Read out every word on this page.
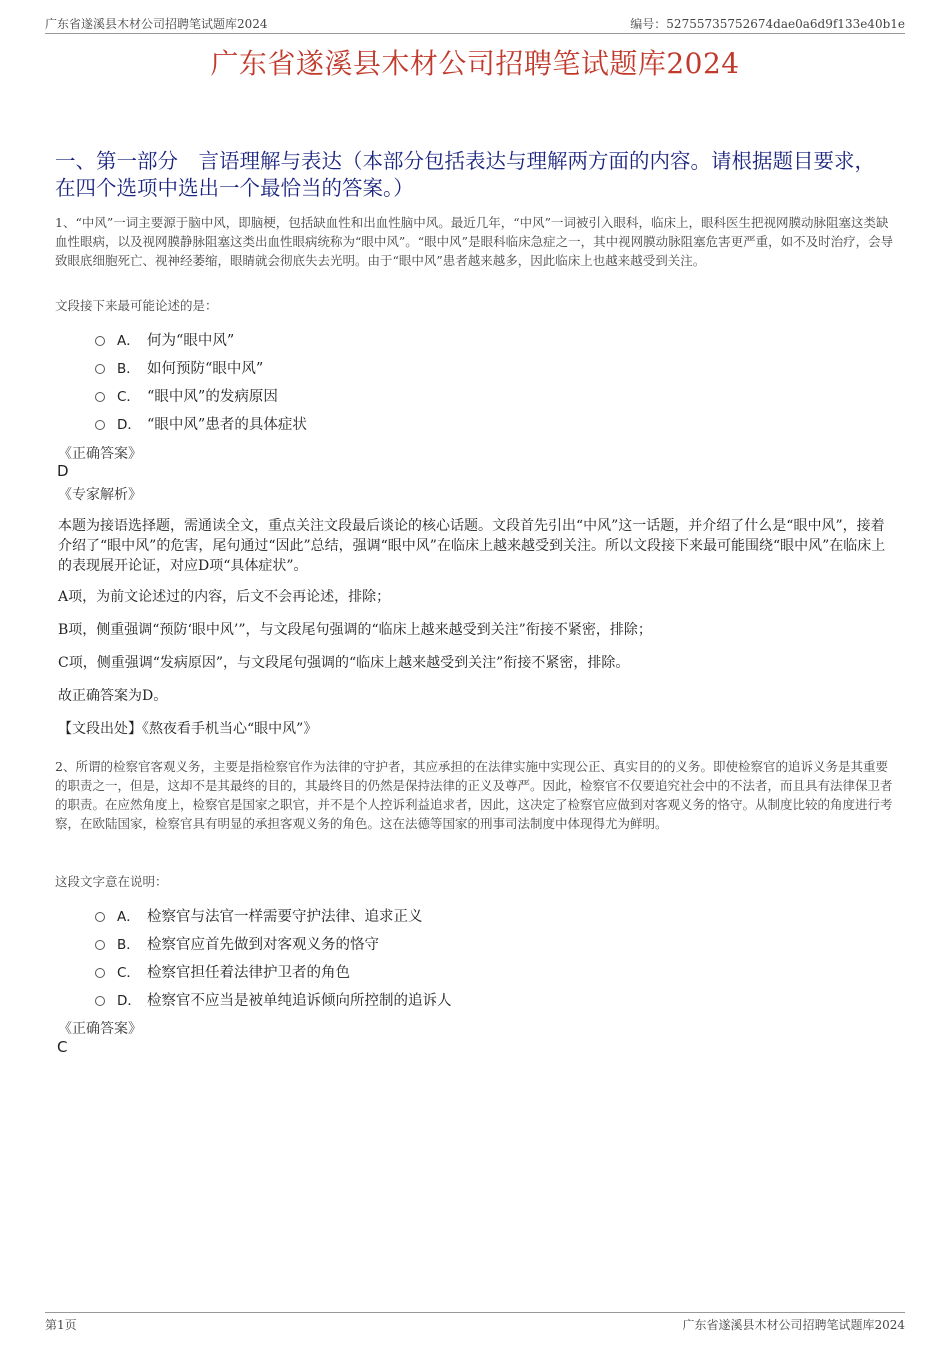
广东省遂溪县木材公司招聘笔试题库2024	编号：52755735752674dae0a6d9f133e40b1e
广东省遂溪县木材公司招聘笔试题库2024
一、第一部分　言语理解与表达（本部分包括表达与理解两方面的内容。请根据题目要求，在四个选项中选出一个最恰当的答案。）
1、“中风”一词主要源于脑中风，即脑梗，包括缺血性和出血性脑中风。最近几年，“中风”一词被引入眼科，临床上，眼科医生把视网膜动脉阻塞这类缺血性眼病，以及视网膜静脉阻塞这类出血性眼病统称为“眼中风”。“眼中风”是眼科临床急症之一，其中视网膜动脉阻塞危害更严重，如不及时治疗，会导致眼底细胞死亡、视神经萎缩，眼睛就会彻底失去光明。由于“眼中风”患者越来越多，因此临床上也越来越受到关注。
文段接下来最可能论述的是：
A． 何为“眼中风”
B． 如何预防“眼中风”
C． “眼中风”的发病原因
D． “眼中风”患者的具体症状
《正确答案》
D
《专家解析》
本题为接语选择题，需通读全文，重点关注文段最后谈论的核心话题。文段首先引出“中风”这一话题，并介绍了什么是“眼中风”，接着介绍了“眼中风”的危害，尾句通过“因此”总结，强调“眼中风”在临床上越来越受到关注。所以文段接下来最可能围绕“眼中风”在临床上的表现展开论证，对应D项“具体症状”。
A项，为前文论述过的内容，后文不会再论述，排除；
B项，侧重强调“预防‘眼中风’”，与文段尾句强调的“临床上越来越受到关注”衔接不紧密，排除；
C项，侧重强调“发病原因”，与文段尾句强调的“临床上越来越受到关注”衔接不紧密，排除。
故正确答案为D。
【文段出处】《熬夜看手机当心“眼中风”》
2、所谓的检察官客观义务，主要是指检察官作为法律的守护者，其应承担的在法律实施中实现公正、真实目的的义务。即使检察官的追诉义务是其重要的职责之一，但是，这却不是其最终的目的，其最终目的仍然是保持法律的正义及尊严。因此，检察官不仅要追究社会中的不法者，而且具有法律保卫者的职责。在应然角度上，检察官是国家之职官，并不是个人控诉利益追求者，因此，这决定了检察官应做到对客观义务的恪守。从制度比较的角度进行考察，在欧陆国家，检察官具有明显的承担客观义务的角色。这在法德等国家的刑事司法制度中体现得尤为鲜明。
这段文字意在说明：
A． 检察官与法官一样需要守护法律、追求正义
B． 检察官应首先做到对客观义务的恪守
C． 检察官担任着法律护卫者的角色
D． 检察官不应当是被单纯追诉倾向所控制的追诉人
《正确答案》
C
第1页	广东省遂溪县木材公司招聘笔试题库2024
